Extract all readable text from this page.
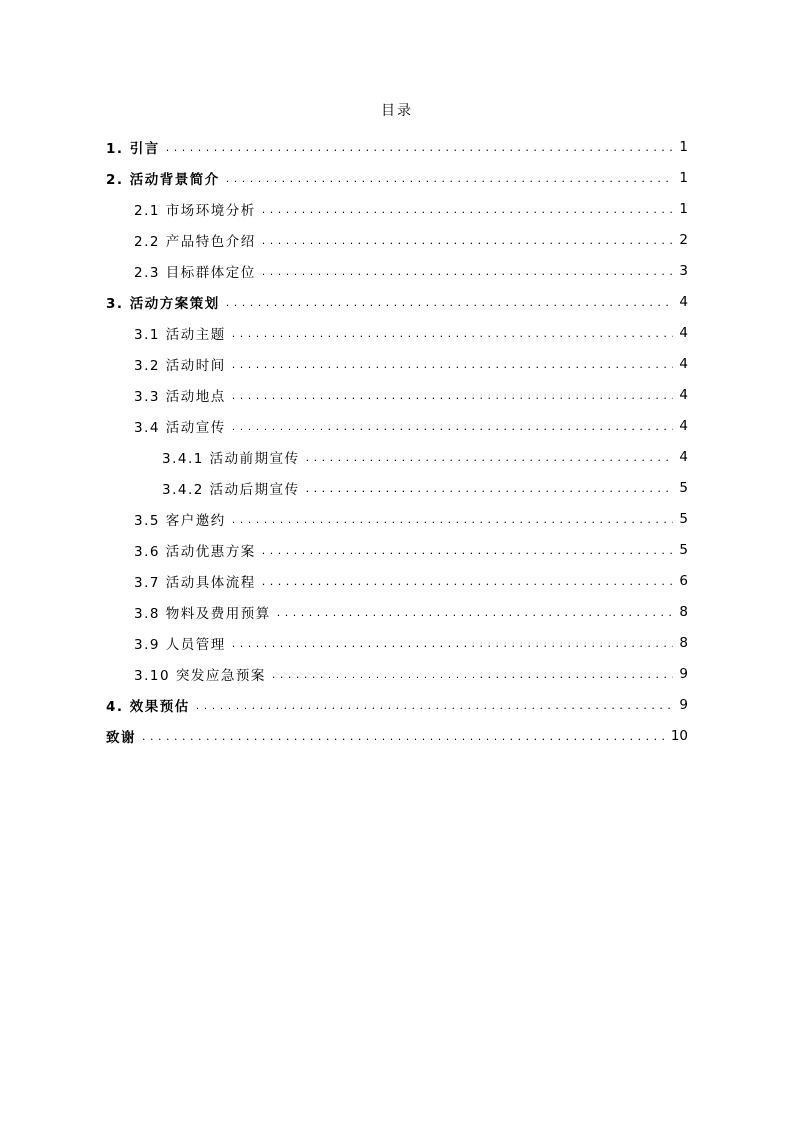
目录
1. 引言 . . .	1
2. 活动背景简介 . . .	1
2.1 市场环境分析 . . .	1
2.2 产品特色介绍 . . .	2
2.3 目标群体定位 . . .	3
3. 活动方案策划 . . .	4
3.1 活动主题 . . .	4
3.2 活动时间 . . .	4
3.3 活动地点 . . .	4
3.4 活动宣传 . . .	4
3.4.1 活动前期宣传 . . .	4
3.4.2 活动后期宣传 . . .	5
3.5 客户邀约 . . .	5
3.6 活动优惠方案 . . .	5
3.7 活动具体流程 . . .	6
3.8 物料及费用预算 . . .	8
3.9 人员管理 . . .	8
3.10 突发应急预案 . . .	9
4. 效果预估 . . .	9
致谢 . . .	10
